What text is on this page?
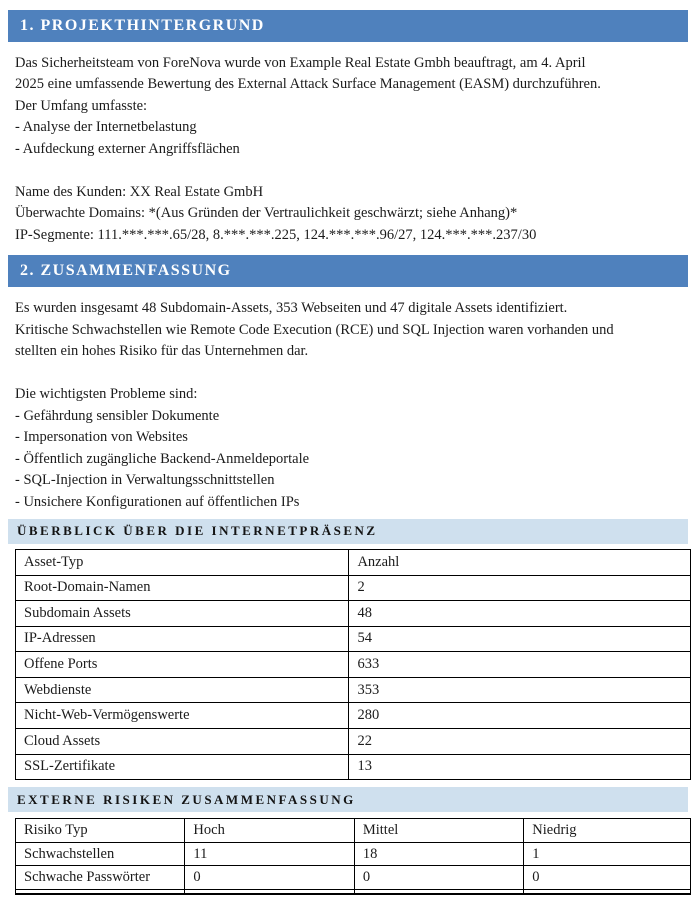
1. PROJEKTHINTERGRUND
Das Sicherheitsteam von ForeNova wurde von Example Real Estate Gmbh beauftragt, am 4. April
2025 eine umfassende Bewertung des External Attack Surface Management (EASM) durchzuführen.
Der Umfang umfasste:
- Analyse der Internetbelastung
- Aufdeckung externer Angriffsflächen
Name des Kunden: XX Real Estate GmbH
Überwachte Domains: *(Aus Gründen der Vertraulichkeit geschwärzt; siehe Anhang)*
IP-Segmente: 111.***.***.65/28, 8.***.***.225, 124.***.***.96/27, 124.***.***.237/30
2. ZUSAMMENFASSUNG
Es wurden insgesamt 48 Subdomain-Assets, 353 Webseiten und 47 digitale Assets identifiziert.
Kritische Schwachstellen wie Remote Code Execution (RCE) und SQL Injection waren vorhanden und
stellten ein hohes Risiko für das Unternehmen dar.
Die wichtigsten Probleme sind:
- Gefährdung sensibler Dokumente
- Impersonation von Websites
- Öffentlich zugängliche Backend-Anmeldeportale
- SQL-Injection in Verwaltungsschnittstellen
- Unsichere Konfigurationen auf öffentlichen IPs
ÜBERBLICK ÜBER DIE INTERNETPRÄSENZ
Asset-Typ	Anzahl
Root-Domain-Namen	2
Subdomain Assets	48
IP-Adressen	54
Offene Ports	633
Webdienste	353
Nicht-Web-Vermögenswerte	280
Cloud Assets	22
SSL-Zertifikate	13
EXTERNE RISIKEN ZUSAMMENFASSUNG
Risiko Typ	Hoch	Mittel	Niedrig
Schwachstellen	11	18	1
Schwache Passwörter	0	0	0
